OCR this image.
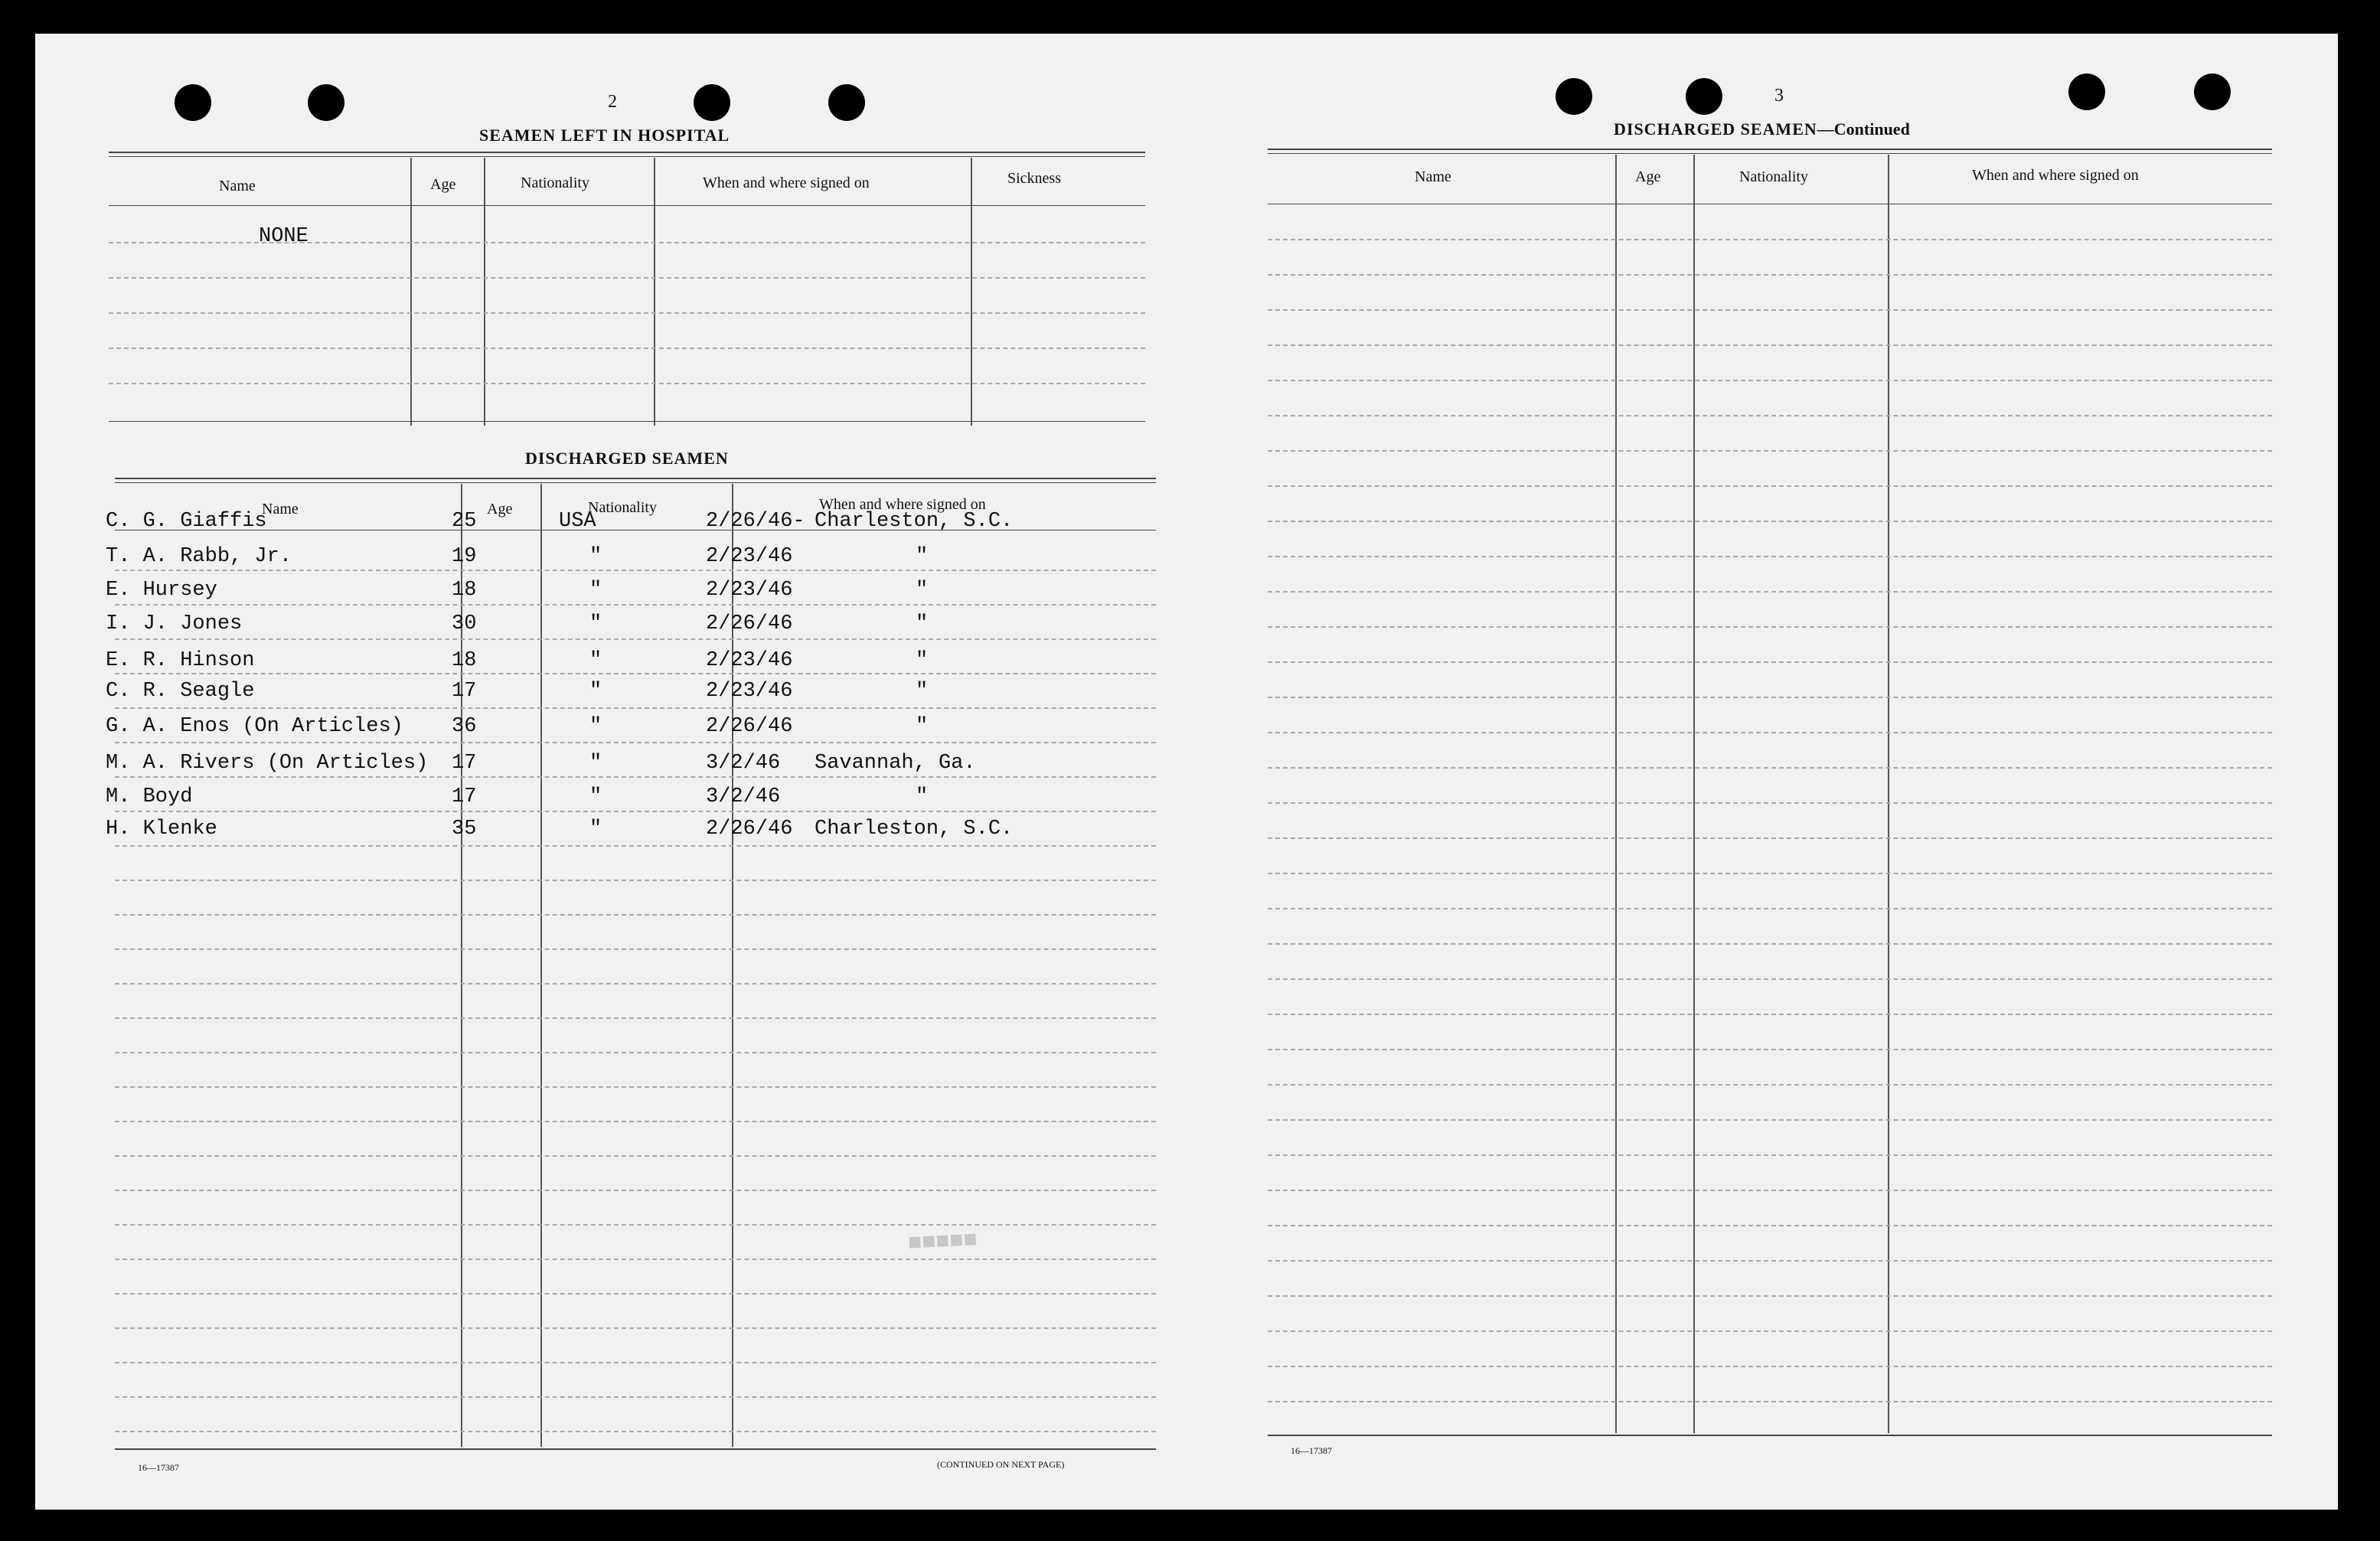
2
SEAMEN LEFT IN HOSPITAL
Name	Age	Nationality	When and where signed on	Sickness
NONE
DISCHARGED SEAMEN
Name	Age	Nationality	When and where signed on
C. G. Giaffis	25	USA	2/26/46- Charleston, S.C.
T. A. Rabb, Jr.	19	"	2/23/46	"
E. Hursey	18	"	2/23/46	"
I. J. Jones	30	"	2/26/46	"
E. R. Hinson	18	"	2/23/46	"
C. R. Seagle	17	"	2/23/46	"
G. A. Enos (On Articles) 36	"	2/26/46	"
M. A. Rivers (On Articles) 17	"	3/2/46 Savannah, Ga.
M. Boyd	17	"	3/2/46	"
H. Klenke	35	"	2/26/46 Charleston, S.C.
■■■■■
16—17387	(CONTINUED ON NEXT PAGE)
3
DISCHARGED SEAMEN—Continued
Name	Age	Nationality	When and where signed on
16—17387
